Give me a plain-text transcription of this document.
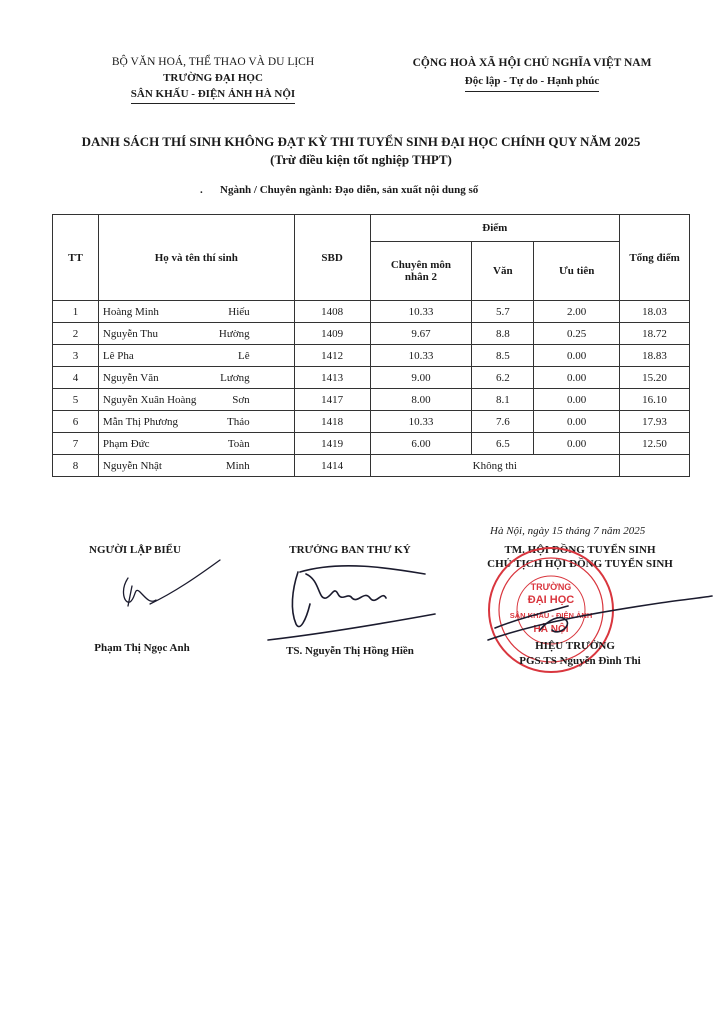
BỘ VĂN HOÁ, THỂ THAO VÀ DU LỊCH
TRƯỜNG ĐẠI HỌC
SÂN KHẤU - ĐIỆN ẢNH HÀ NỘI
CỘNG HOÀ XÃ HỘI CHỦ NGHĨA VIỆT NAM
Độc lập - Tự do - Hạnh phúc
DANH SÁCH THÍ SINH KHÔNG ĐẠT KỲ THI TUYỂN SINH ĐẠI HỌC CHÍNH QUY NĂM 2025
(Trừ điều kiện tốt nghiệp THPT)
. Ngành / Chuyên ngành: Đạo diễn, sản xuất nội dung số
TT	Họ và tên thí sinh	SBD	Điểm			Tổng điểm
			Chuyên môn nhân 2	Văn	Ưu tiên	
1	Hoàng Minh Hiếu	1408	10.33	5.7	2.00	18.03
2	Nguyễn Thu Hường	1409	9.67	8.8	0.25	18.72
3	Lê Pha Lê	1412	10.33	8.5	0.00	18.83
4	Nguyễn Văn Lương	1413	9.00	6.2	0.00	15.20
5	Nguyễn Xuân Hoàng Sơn	1417	8.00	8.1	0.00	16.10
6	Mẫn Thị Phương Thảo	1418	10.33	7.6	0.00	17.93
7	Phạm Đức Toàn	1419	6.00	6.5	0.00	12.50
8	Nguyễn Nhật Minh	1414	Không thi			
Hà Nội, ngày 15 tháng 7 năm 2025
NGƯỜI LẬP BIỂU	TRƯỞNG BAN THƯ KÝ	TM. HỘI ĐỒNG TUYỂN SINH
CHỦ TỊCH HỘI ĐỒNG TUYỂN SINH
TRƯỜNG
ĐẠI HỌC
SÂN KHẤU - ĐIỆN ẢNH
HÀ NỘI
Phạm Thị Ngọc Anh	TS. Nguyễn Thị Hồng Hiền	HIỆU TRƯỞNG
PGS.TS Nguyễn Đình Thi
